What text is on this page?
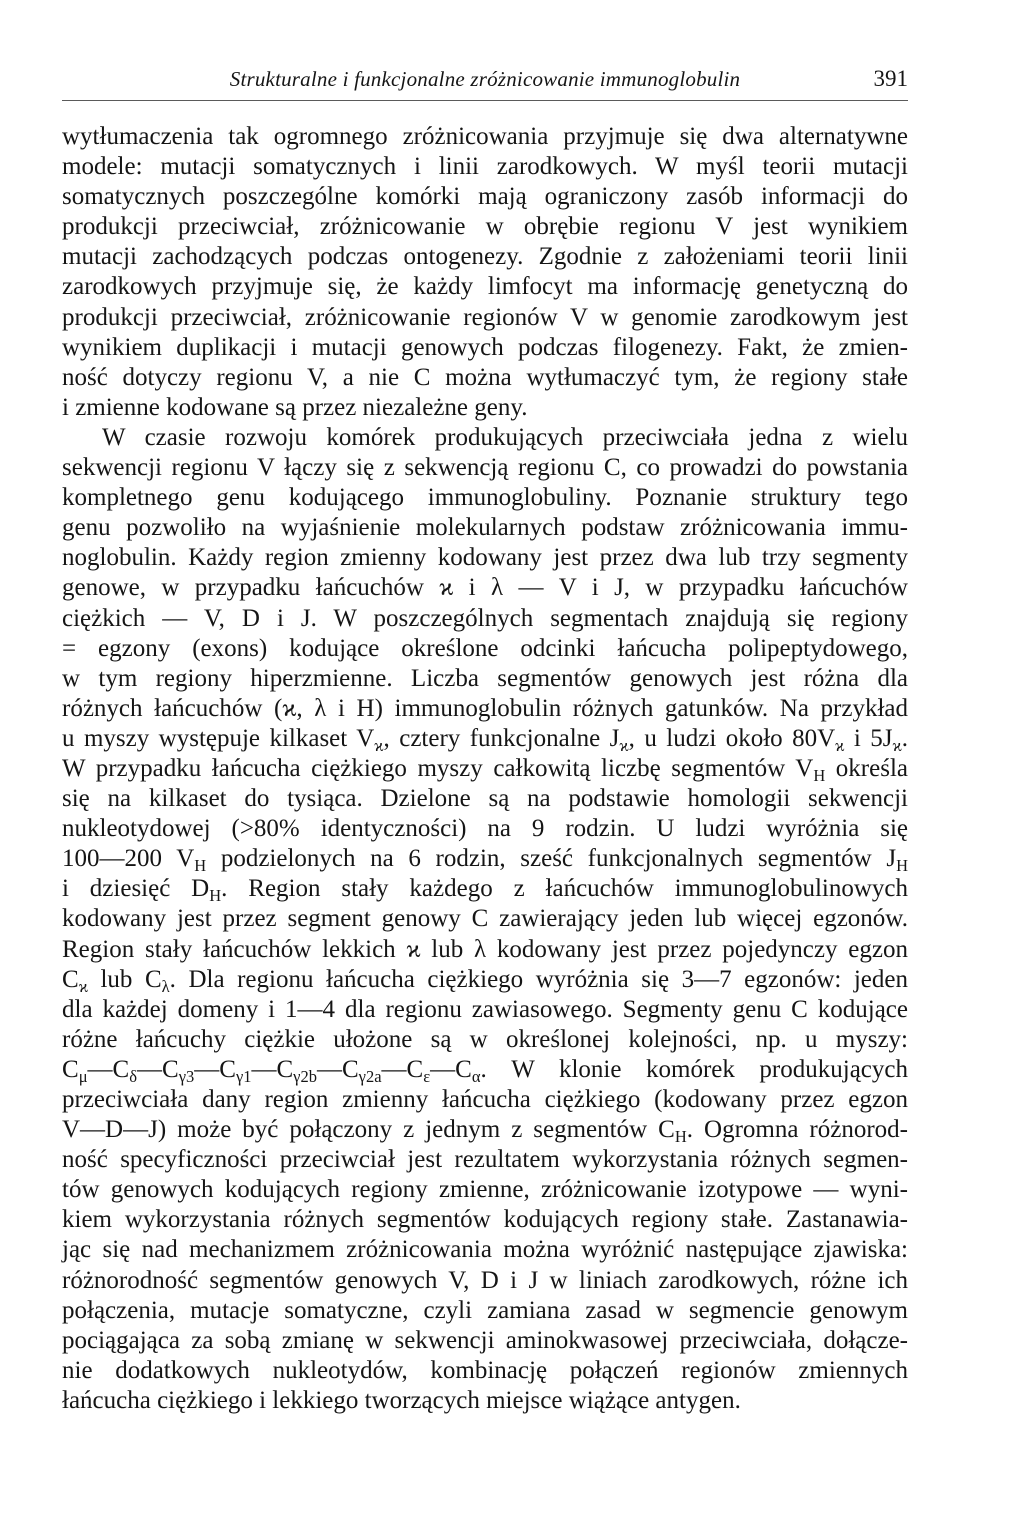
Strukturalne i funkcjonalne zróżnicowanie immunoglobulin	391
wytłumaczenia tak ogromnego zróżnicowania przyjmuje się dwa alternatywne
modele: mutacji somatycznych i linii zarodkowych. W myśl teorii mutacji
somatycznych poszczególne komórki mają ograniczony zasób informacji do
produkcji przeciwciał, zróżnicowanie w obrębie regionu V jest wynikiem
mutacji zachodzących podczas ontogenezy. Zgodnie z założeniami teorii linii
zarodkowych przyjmuje się, że każdy limfocyt ma informację genetyczną do
produkcji przeciwciał, zróżnicowanie regionów V w genomie zarodkowym jest
wynikiem duplikacji i mutacji genowych podczas filogenezy. Fakt, że zmien-
ność dotyczy regionu V, a nie C można wytłumaczyć tym, że regiony stałe
i zmienne kodowane są przez niezależne geny.
W czasie rozwoju komórek produkujących przeciwciała jedna z wielu
sekwencji regionu V łączy się z sekwencją regionu C, co prowadzi do powstania
kompletnego genu kodującego immunoglobuliny. Poznanie struktury tego
genu pozwoliło na wyjaśnienie molekularnych podstaw zróżnicowania immu-
noglobulin. Każdy region zmienny kodowany jest przez dwa lub trzy segmenty
genowe, w przypadku łańcuchów ϰ i λ — V i J, w przypadku łańcuchów
ciężkich — V, D i J. W poszczególnych segmentach znajdują się regiony
= egzony (exons) kodujące określone odcinki łańcucha polipeptydowego,
w tym regiony hiperzmienne. Liczba segmentów genowych jest różna dla
różnych łańcuchów (ϰ, λ i H) immunoglobulin różnych gatunków. Na przykład
u myszy występuje kilkaset $V_ϰ$, cztery funkcjonalne $J_ϰ$, u ludzi około $80V_ϰ$ i $5J_ϰ$.
W przypadku łańcucha ciężkiego myszy całkowitą liczbę segmentów $V_H$ określa
się na kilkaset do tysiąca. Dzielone są na podstawie homologii sekwencji
nukleotydowej (>80% identyczności) na 9 rodzin. U ludzi wyróżnia się
100—200 $V_H$ podzielonych na 6 rodzin, sześć funkcjonalnych segmentów $J_H$
i dziesięć $D_H$. Region stały każdego z łańcuchów immunoglobulinowych
kodowany jest przez segment genowy C zawierający jeden lub więcej egzonów.
Region stały łańcuchów lekkich ϰ lub λ kodowany jest przez pojedynczy egzon
$C_ϰ$ lub $C_\lambda$. Dla regionu łańcucha ciężkiego wyróżnia się 3—7 egzonów: jeden
dla każdej domeny i 1—4 dla regionu zawiasowego. Segmenty genu C kodujące
różne łańcuchy ciężkie ułożone są w określonej kolejności, np. u myszy:
$C_\mu—C_\delta—C_{\gamma 3}—C_{\gamma 1}—C_{\gamma 2b}—C_{\gamma 2a}—C_\varepsilon—C_\alpha$. W klonie komórek produkujących
przeciwciała dany region zmienny łańcucha ciężkiego (kodowany przez egzon
V—D—J) może być połączony z jednym z segmentów $C_H$. Ogromna różnorod-
ność specyficzności przeciwciał jest rezultatem wykorzystania różnych segmen-
tów genowych kodujących regiony zmienne, zróżnicowanie izotypowe — wyni-
kiem wykorzystania różnych segmentów kodujących regiony stałe. Zastanawia-
jąc się nad mechanizmem zróżnicowania można wyróżnić następujące zjawiska:
różnorodność segmentów genowych V, D i J w liniach zarodkowych, różne ich
połączenia, mutacje somatyczne, czyli zamiana zasad w segmencie genowym
pociągająca za sobą zmianę w sekwencji aminokwasowej przeciwciała, dołącze-
nie dodatkowych nukleotydów, kombinację połączeń regionów zmiennych
łańcucha ciężkiego i lekkiego tworzących miejsce wiążące antygen.
